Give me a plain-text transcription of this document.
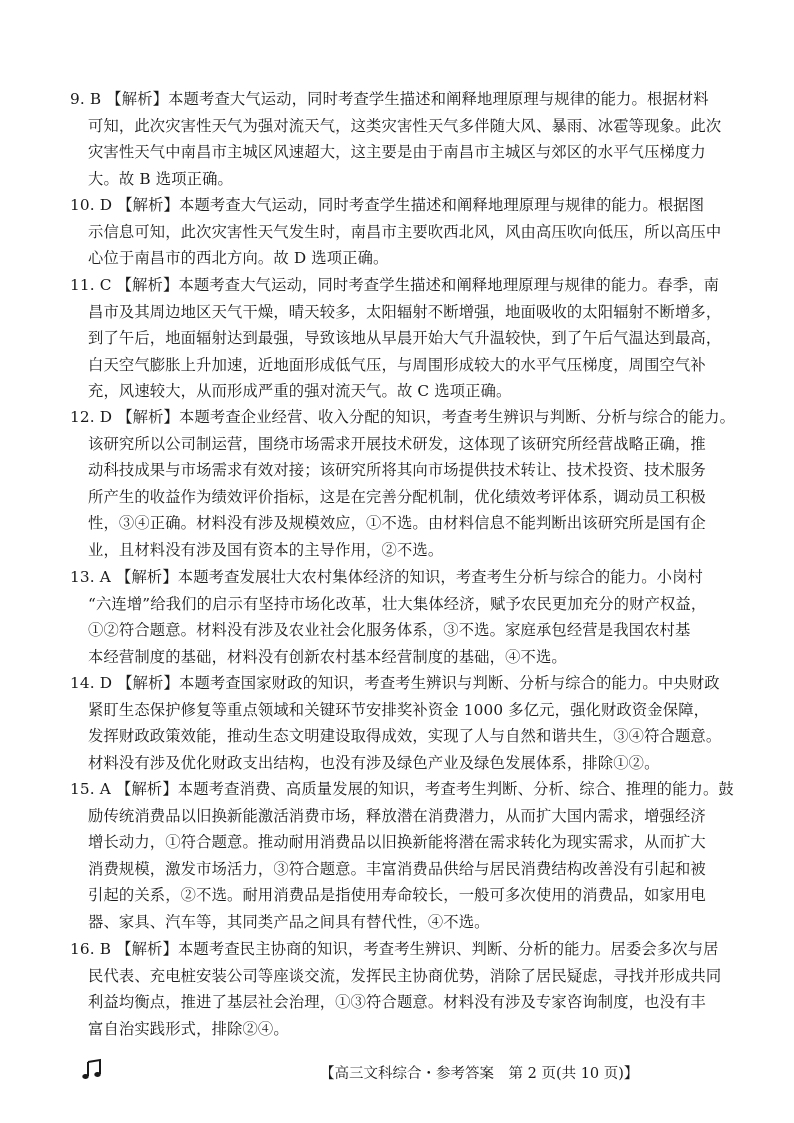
9. B 【解析】本题考查大气运动，同时考查学生描述和阐释地理原理与规律的能力。根据材料
可知，此次灾害性天气为强对流天气，这类灾害性天气多伴随大风、暴雨、冰雹等现象。此次
灾害性天气中南昌市主城区风速超大，这主要是由于南昌市主城区与郊区的水平气压梯度力
大。故 B 选项正确。
10. D 【解析】本题考查大气运动，同时考查学生描述和阐释地理原理与规律的能力。根据图
示信息可知，此次灾害性天气发生时，南昌市主要吹西北风，风由高压吹向低压，所以高压中
心位于南昌市的西北方向。故 D 选项正确。
11. C 【解析】本题考查大气运动，同时考查学生描述和阐释地理原理与规律的能力。春季，南
昌市及其周边地区天气干燥，晴天较多，太阳辐射不断增强，地面吸收的太阳辐射不断增多，
到了午后，地面辐射达到最强，导致该地从早晨开始大气升温较快，到了午后气温达到最高，
白天空气膨胀上升加速，近地面形成低气压，与周围形成较大的水平气压梯度，周围空气补
充，风速较大，从而形成严重的强对流天气。故 C 选项正确。
12. D 【解析】本题考查企业经营、收入分配的知识，考查考生辨识与判断、分析与综合的能力。
该研究所以公司制运营，围绕市场需求开展技术研发，这体现了该研究所经营战略正确，推
动科技成果与市场需求有效对接；该研究所将其向市场提供技术转让、技术投资、技术服务
所产生的收益作为绩效评价指标，这是在完善分配机制，优化绩效考评体系，调动员工积极
性，③④正确。材料没有涉及规模效应，①不选。由材料信息不能判断出该研究所是国有企
业，且材料没有涉及国有资本的主导作用，②不选。
13. A 【解析】本题考查发展壮大农村集体经济的知识，考查考生分析与综合的能力。小岗村
“六连增”给我们的启示有坚持市场化改革，壮大集体经济，赋予农民更加充分的财产权益，
①②符合题意。材料没有涉及农业社会化服务体系，③不选。家庭承包经营是我国农村基
本经营制度的基础，材料没有创新农村基本经营制度的基础，④不选。
14. D 【解析】本题考查国家财政的知识，考查考生辨识与判断、分析与综合的能力。中央财政
紧盯生态保护修复等重点领域和关键环节安排奖补资金 1000 多亿元，强化财政资金保障，
发挥财政政策效能，推动生态文明建设取得成效，实现了人与自然和谐共生，③④符合题意。
材料没有涉及优化财政支出结构，也没有涉及绿色产业及绿色发展体系，排除①②。
15. A 【解析】本题考查消费、高质量发展的知识，考查考生判断、分析、综合、推理的能力。鼓
励传统消费品以旧换新能激活消费市场，释放潜在消费潜力，从而扩大国内需求，增强经济
增长动力，①符合题意。推动耐用消费品以旧换新能将潜在需求转化为现实需求，从而扩大
消费规模，激发市场活力，③符合题意。丰富消费品供给与居民消费结构改善没有引起和被
引起的关系，②不选。耐用消费品是指使用寿命较长，一般可多次使用的消费品，如家用电
器、家具、汽车等，其同类产品之间具有替代性，④不选。
16. B 【解析】本题考查民主协商的知识，考查考生辨识、判断、分析的能力。居委会多次与居
民代表、充电桩安装公司等座谈交流，发挥民主协商优势，消除了居民疑虑，寻找并形成共同
利益均衡点，推进了基层社会治理，①③符合题意。材料没有涉及专家咨询制度，也没有丰
富自治实践形式，排除②④。
【高三文科综合・参考答案　第 2 页(共 10 页)】
